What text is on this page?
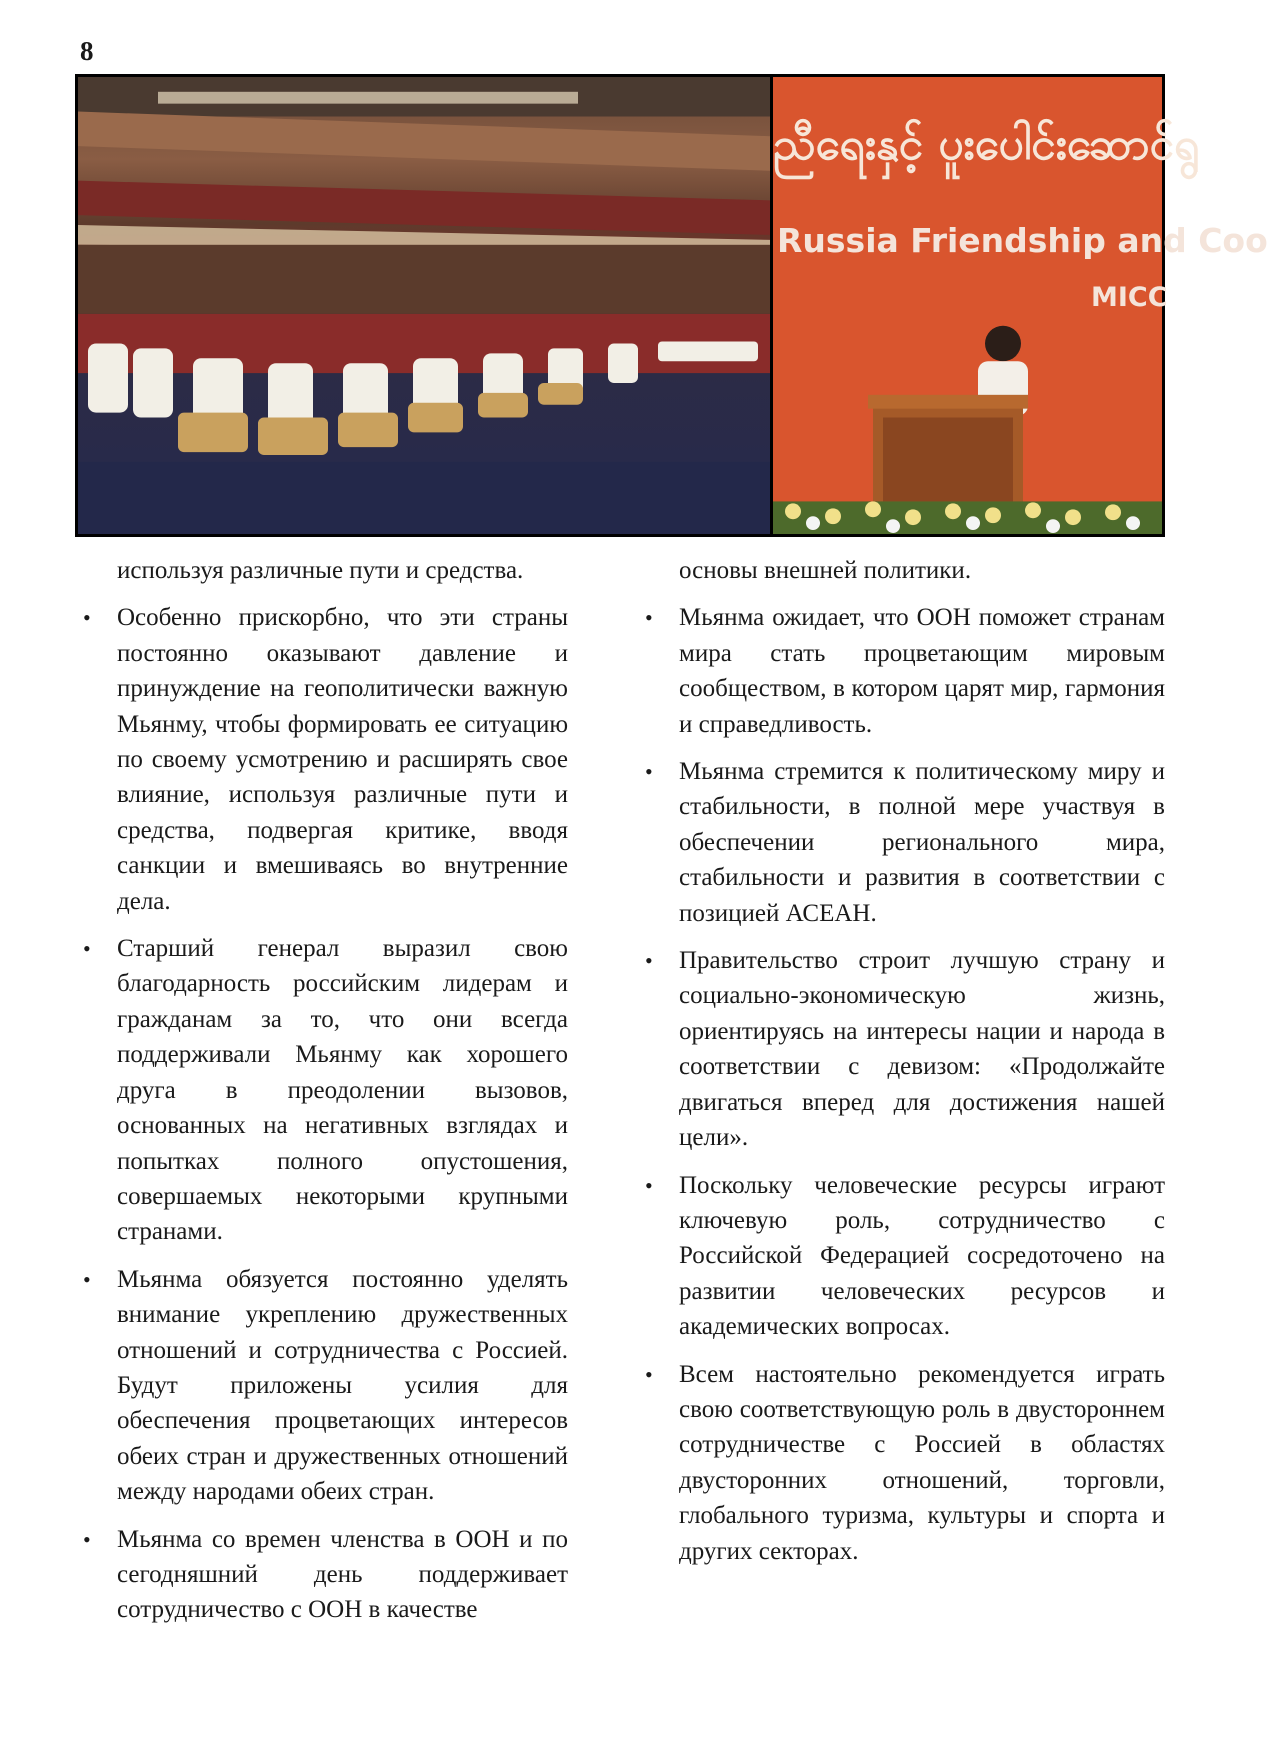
8
ညီရေးနှင့် ပူးပေါင်းဆောင်ရွ
Russia Friendship and Coo
MICC

используя различные пути и средства.

• Особенно прискорбно, что эти страны постоянно оказывают давление и принуждение на геополитически важную Мьянму, чтобы формировать ее ситуацию по своему усмотрению и расширять свое влияние, используя различные пути и средства, подвергая критике, вводя санкции и вмешиваясь во внутренние дела.
• Старший генерал выразил свою благодарность российским лидерам и гражданам за то, что они всегда поддерживали Мьянму как хорошего друга в преодолении вызовов, основанных на негативных взглядах и попытках полного опустошения, совершаемых некоторыми крупными странами.
• Мьянма обязуется постоянно уделять внимание укреплению дружественных отношений и сотрудничества с Россией. Будут приложены усилия для обеспечения процветающих интересов обеих стран и дружественных отношений между народами обеих стран.
• Мьянма со времен членства в ООН и по сегодняшний день поддерживает сотрудничество с ООН в качестве

основы внешней политики.

• Мьянма ожидает, что ООН поможет странам мира стать процветающим мировым сообществом, в котором царят мир, гармония и справедливость.
• Мьянма стремится к политическому миру и стабильности, в полной мере участвуя в обеспечении регионального мира, стабильности и развития в соответствии с позицией АСЕАН.
• Правительство строит лучшую страну и социально-экономическую жизнь, ориентируясь на интересы нации и народа в соответствии с девизом: «Продолжайте двигаться вперед для достижения нашей цели».
• Поскольку человеческие ресурсы играют ключевую роль, сотрудничество с Российской Федерацией сосредоточено на развитии человеческих ресурсов и академических вопросах.
• Всем настоятельно рекомендуется играть свою соответствующую роль в двустороннем сотрудничестве с Россией в областях двусторонних отношений, торговли, глобального туризма, культуры и спорта и других секторах.
